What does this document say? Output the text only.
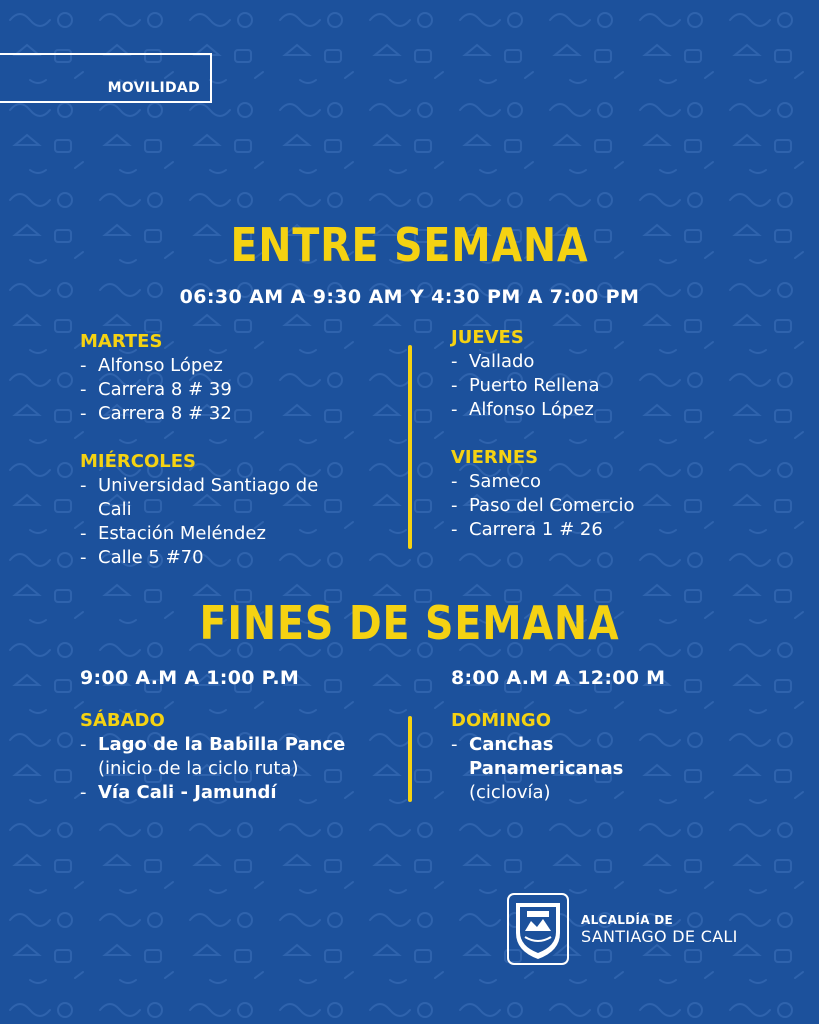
MOVILIDAD
ENTRE SEMANA
06:30 AM A 9:30 AM Y 4:30 PM A 7:00 PM

MARTES

- Alfonso López
- Carrera 8 # 39
- Carrera 8 # 32

MIÉRCOLES

- Universidad Santiago de
Cali
- Estación Meléndez
- Calle 5 #70

JUEVES

- Vallado
- Puerto Rellena
- Alfonso López

VIERNES

- Sameco
- Paso del Comercio
- Carrera 1 # 26
FINES DE SEMANA
9:00 A.M A 1:00 P.M	8:00 A.M A 12:00 M

SÁBADO

- Lago de la Babilla Pance
(inicio de la ciclo ruta)
- Vía Cali - Jamundí

DOMINGO

- Canchas
Panamericanas
(ciclovía)
ALCALDÍA DE
SANTIAGO DE CALI
